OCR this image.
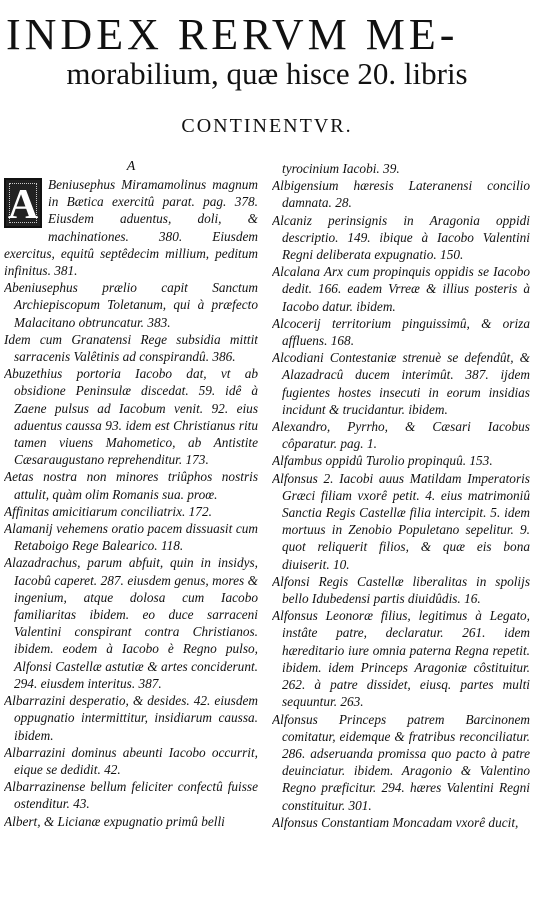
INDEX RERVM ME-
morabilium, quæ hisce 20. libris
CONTINENTVR.
A
A Beniusephus Miramamolinus magnum in Bætica exercitû parat. pag. 378. Eiusdem aduentus, doli, & machinationes. 380. Eiusdem exercitus, equitû septêdecim millium, peditum infinitus. 381.

Abeniusephus prælio capit Sanctum Archiepiscopum Toletanum, qui à præfecto Malacitano obtruncatur. 383.

Idem cum Granatensi Rege subsidia mittit sarracenis Valêtinis ad conspirandû. 386.

Abuzethius portoria Iacobo dat, vt ab obsidione Peninsulæ discedat. 59. idê à Zaene pulsus ad Iacobum venit. 92. eius aduentus caussa 93. idem est Christianus ritu tamen viuens Mahometico, ab Antistite Cæsaraugustano reprehenditur. 173.

Aetas nostra non minores triûphos nostris attulit, quàm olim Romanis sua. proœ.

Affinitas amicitiarum conciliatrix. 172.

Alamanij vehemens oratio pacem dissuasit cum Retaboigo Rege Balearico. 118.

Alazadrachus, parum abfuit, quin in insidys, Iacobû caperet. 287. eiusdem genus, mores & ingenium, atque dolosa cum Iacobo familiaritas ibidem. eo duce sarraceni Valentini conspirant contra Christianos. ibidem. eodem à Iacobo è Regno pulso, Alfonsi Castellæ astutiæ & artes conciderunt. 294. eiusdem interitus. 387.

Albarrazini desperatio, & desides. 42. eiusdem oppugnatio intermittitur, insidiarum caussa. ibidem.

Albarrazini dominus abeunti Iacobo occurrit, eique se dedidit. 42.

Albarrazinense bellum feliciter confectû fuisse ostenditur. 43.

Albert, & Licianæ expugnatio primû belli

tyrocinium Iacobi. 39.

Albigensium hæresis Lateranensi concilio damnata. 28.

Alcaniz perinsignis in Aragonia oppidi descriptio. 149. ibique à Iacobo Valentini Regni deliberata expugnatio. 150.

Alcalana Arx cum propinquis oppidis se Iacobo dedit. 166. eadem Vrreæ & illius posteris à Iacobo datur. ibidem.

Alcocerij territorium pinguissimû, & oriza affluens. 168.

Alcodiani Contestaniæ strenuè se defendût, & Alazadracû ducem interimût. 387. ijdem fugientes hostes insecuti in eorum insidias incidunt & trucidantur. ibidem.

Alexandro, Pyrrho, & Cæsari Iacobus côparatur. pag. 1.

Alfambus oppidû Turolio propinquû. 153.

Alfonsus 2. Iacobi auus Matildam Imperatoris Græci filiam vxorê petit. 4. eius matrimoniû Sanctia Regis Castellæ filia intercipit. 5. idem mortuus in Zenobio Populetano sepelitur. 9. quot reliquerit filios, & quæ eis bona diuiserit. 10.

Alfonsi Regis Castellæ liberalitas in spolijs bello Idubedensi partis diuidûdis. 16.

Alfonsus Leonoræ filius, legitimus à Legato, instâte patre, declaratur. 261. idem hæreditario iure omnia paterna Regna repetit. ibidem. idem Princeps Aragoniæ côstituitur. 262. à patre dissidet, eiusq. partes multi sequuntur. 263.

Alfonsus Princeps patrem Barcinonem comitatur, eidemque & fratribus reconciliatur. 286. adseruanda promissa quo pacto à patre deuinciatur. ibidem. Aragonio & Valentino Regno præficitur. 294. hæres Valentini Regni constituitur. 301.

Alfonsus Constantiam Moncadam vxorê ducit,
